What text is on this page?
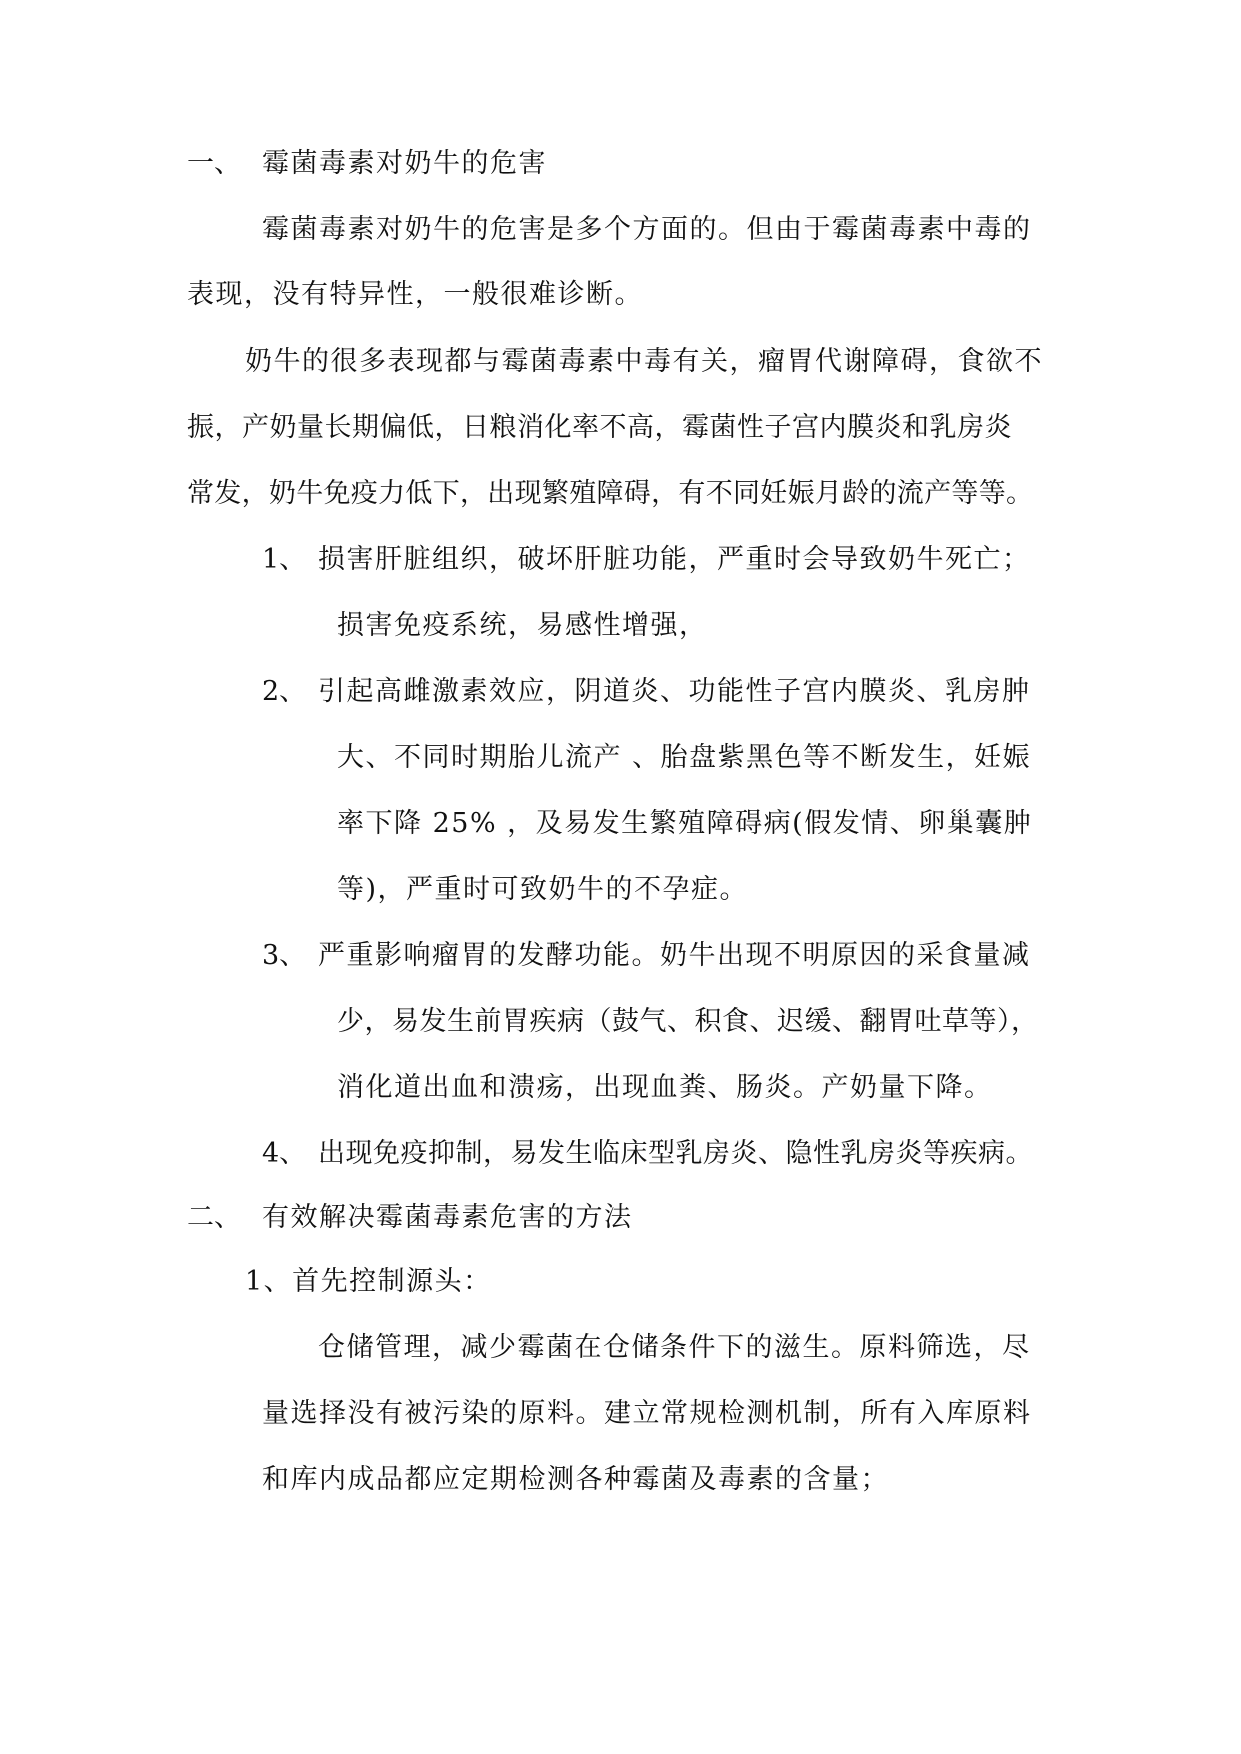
一、 霉菌毒素对奶牛的危害
霉菌毒素对奶牛的危害是多个方面的。但由于霉菌毒素中毒的
表现，没有特异性，一般很难诊断。
奶牛的很多表现都与霉菌毒素中毒有关，瘤胃代谢障碍，食欲不
振，产奶量长期偏低，日粮消化率不高，霉菌性子宫内膜炎和乳房炎
常发，奶牛免疫力低下，出现繁殖障碍，有不同妊娠月龄的流产等等。
1、 损害肝脏组织，破坏肝脏功能，严重时会导致奶牛死亡；
损害免疫系统，易感性增强，
2、 引起高雌激素效应，阴道炎、功能性子宫内膜炎、乳房肿
大、不同时期胎儿流产 、胎盘紫黑色等不断发生，妊娠
率下降 25% ，及易发生繁殖障碍病(假发情、卵巢囊肿
等)，严重时可致奶牛的不孕症。
3、 严重影响瘤胃的发酵功能。奶牛出现不明原因的采食量减
少，易发生前胃疾病（鼓气、积食、迟缓、翻胃吐草等），
消化道出血和溃疡，出现血粪、肠炎。产奶量下降。
4、 出现免疫抑制，易发生临床型乳房炎、隐性乳房炎等疾病。
二、 有效解决霉菌毒素危害的方法
1、首先控制源头：
仓储管理，减少霉菌在仓储条件下的滋生。原料筛选，尽
量选择没有被污染的原料。建立常规检测机制，所有入库原料
和库内成品都应定期检测各种霉菌及毒素的含量；
